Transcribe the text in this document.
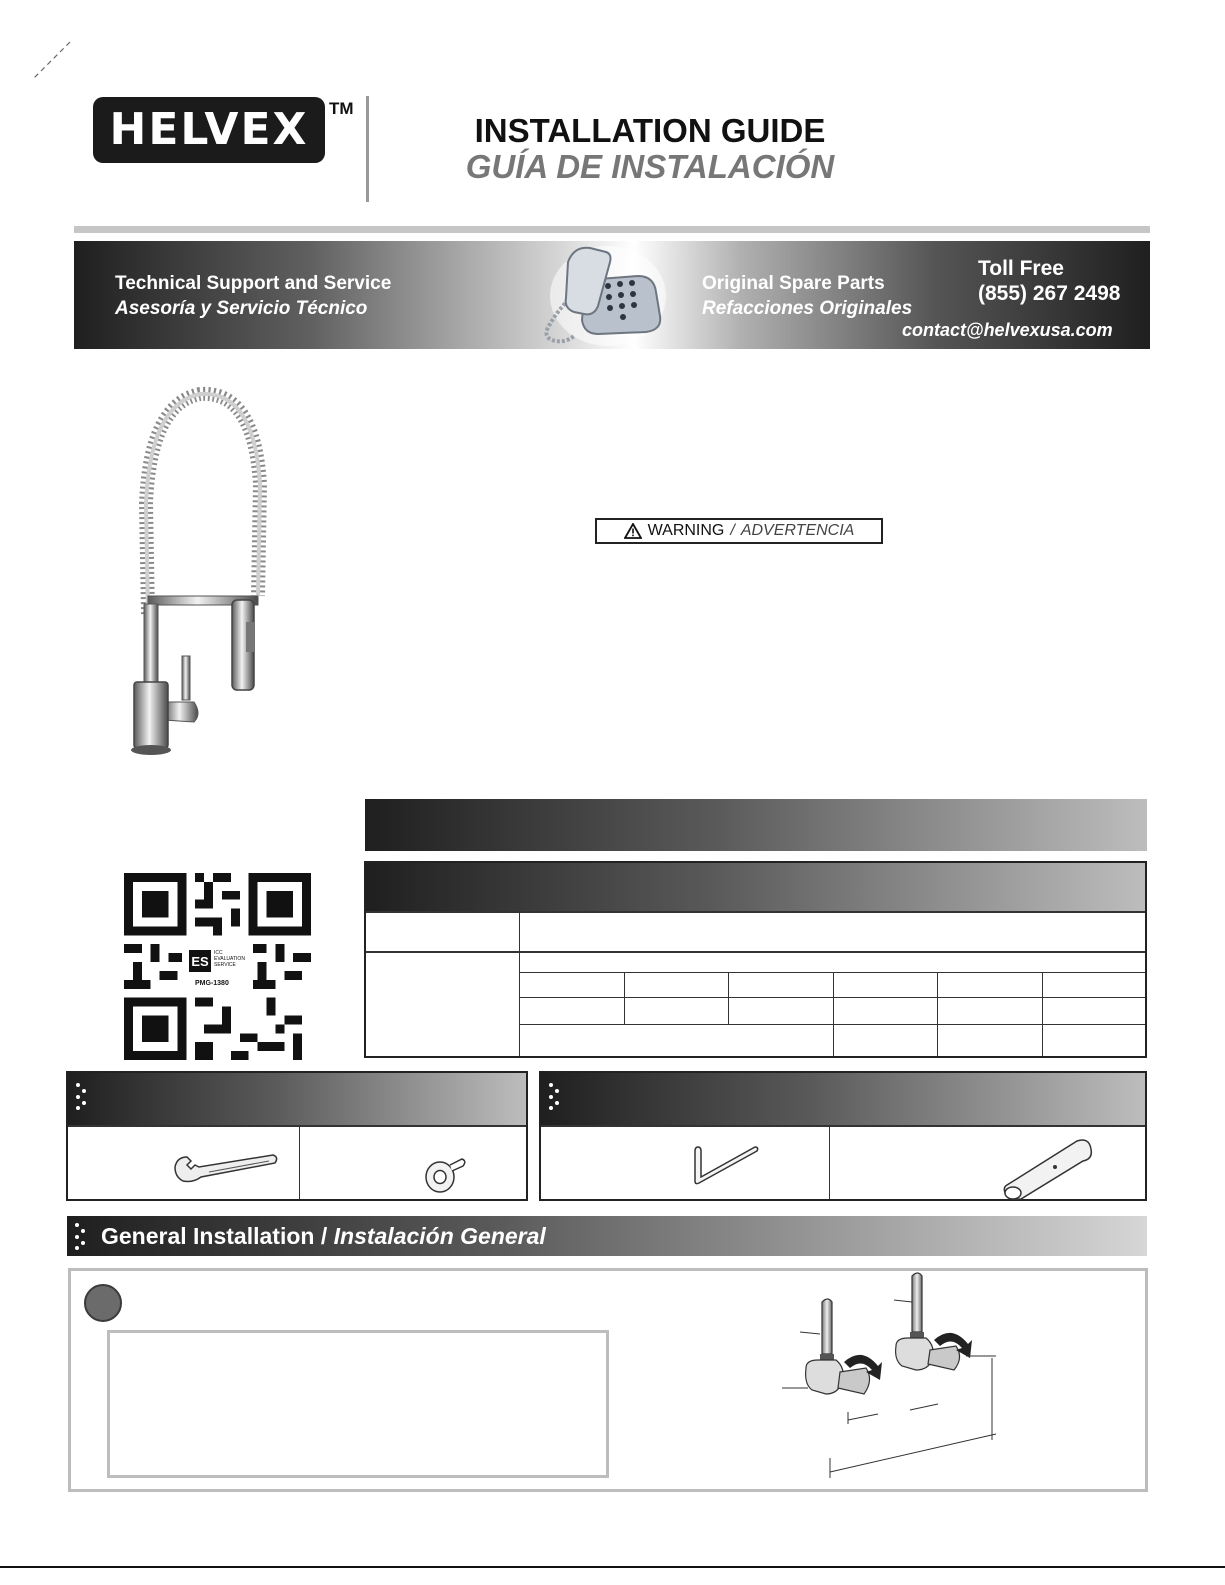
HELVEX TM
INSTALLATION GUIDE
GUÍA DE INSTALACIÓN
Technical Support and Service
Asesoría y Servicio Técnico
Original Spare Parts
Refacciones Originales
Toll Free
(855) 267 2498
contact@helvexusa.com
WARNING / ADVERTENCIA
ES
ICC EVALUATION SERVICE
PMG-1380
General Installation / Instalación General
